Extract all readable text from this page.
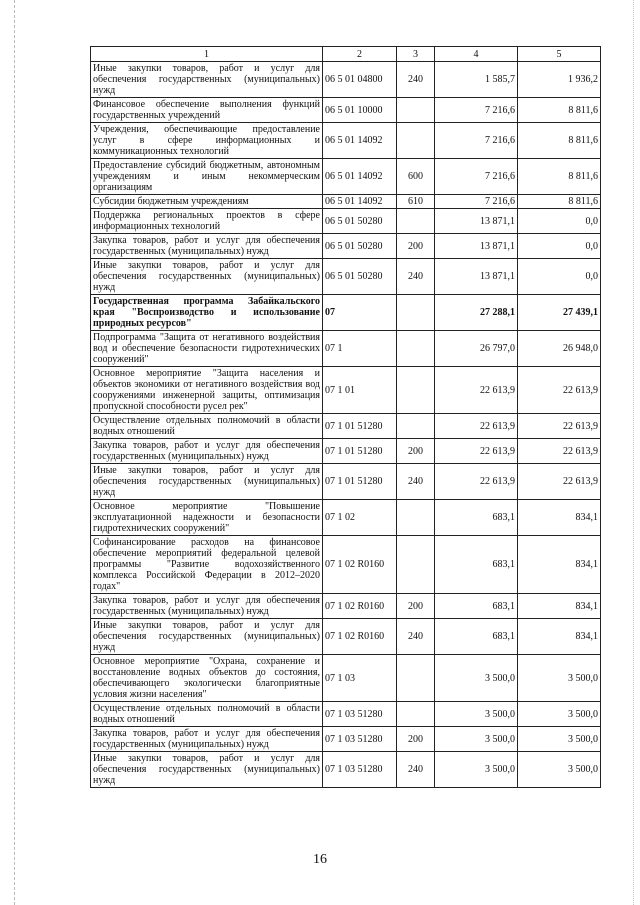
1	2	3	4	5
Иные закупки товаров, работ и услуг для обеспечения государственных (муниципальных) нужд	06 5 01 04800	240	1 585,7	1 936,2
Финансовое обеспечение выполнения функций государственных учреждений	06 5 01 10000		7 216,6	8 811,6
Учреждения, обеспечивающие предоставление услуг в сфере информационных и коммуникационных технологий	06 5 01 14092		7 216,6	8 811,6
Предоставление субсидий бюджетным, автономным учреждениям и иным некоммерческим организациям	06 5 01 14092	600	7 216,6	8 811,6
Субсидии бюджетным учреждениям	06 5 01 14092	610	7 216,6	8 811,6
Поддержка региональных проектов в сфере информационных технологий	06 5 01 50280		13 871,1	0,0
Закупка товаров, работ и услуг для обеспечения государственных (муниципальных) нужд	06 5 01 50280	200	13 871,1	0,0
Иные закупки товаров, работ и услуг для обеспечения государственных (муниципальных) нужд	06 5 01 50280	240	13 871,1	0,0
Государственная программа Забайкальского края "Воспроизводство и использование природных ресурсов"	07		27 288,1	27 439,1
Подпрограмма "Защита от негативного воздействия вод и обеспечение безопасности гидротехнических сооружений"	07 1		26 797,0	26 948,0
Основное мероприятие "Защита населения и объектов экономики от негативного воздействия вод сооружениями инженерной защиты, оптимизация пропускной способности русел рек"	07 1 01		22 613,9	22 613,9
Осуществление отдельных полномочий в области водных отношений	07 1 01 51280		22 613,9	22 613,9
Закупка товаров, работ и услуг для обеспечения государственных (муниципальных) нужд	07 1 01 51280	200	22 613,9	22 613,9
Иные закупки товаров, работ и услуг для обеспечения государственных (муниципальных) нужд	07 1 01 51280	240	22 613,9	22 613,9
Основное мероприятие "Повышение эксплуатационной надежности и безопасности гидротехнических сооружений"	07 1 02		683,1	834,1
Софинансирование расходов на финансовое обеспечение мероприятий федеральной целевой программы "Развитие водохозяйственного комплекса Российской Федерации в 2012–2020 годах"	07 1 02 R0160		683,1	834,1
Закупка товаров, работ и услуг для обеспечения государственных (муниципальных) нужд	07 1 02 R0160	200	683,1	834,1
Иные закупки товаров, работ и услуг для обеспечения государственных (муниципальных) нужд	07 1 02 R0160	240	683,1	834,1
Основное мероприятие "Охрана, сохранение и восстановление водных объектов до состояния, обеспечивающего экологически благоприятные условия жизни населения"	07 1 03		3 500,0	3 500,0
Осуществление отдельных полномочий в области водных отношений	07 1 03 51280		3 500,0	3 500,0
Закупка товаров, работ и услуг для обеспечения государственных (муниципальных) нужд	07 1 03 51280	200	3 500,0	3 500,0
Иные закупки товаров, работ и услуг для обеспечения государственных (муниципальных) нужд	07 1 03 51280	240	3 500,0	3 500,0
16
